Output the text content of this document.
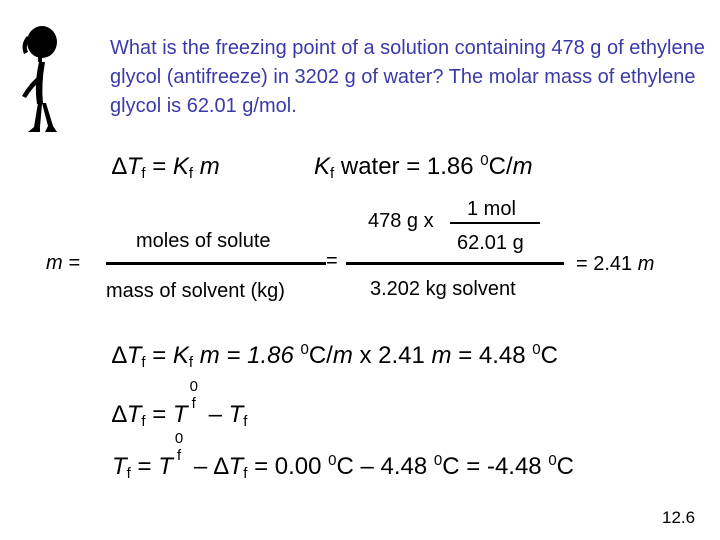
What is the freezing point of a solution containing 478 g of ethylene glycol (antifreeze) in 3202 g of water? The molar mass of ethylene glycol is 62.01 g/mol.
$\Delta T_f = K_f$ m	$K_f$ water = 1.86 $^0$C/m
m =
moles of solute
mass of solvent (kg)
=
478 g x
1 mol
62.01 g
3.202 kg solvent
= 2.41 m
$\Delta T_f = K_f$ m = 1.86 $^0$C/m x 2.41 m = 4.48 $^0$C
$\Delta T_f = T$
0
f – $T_f$
$T_f = T$
0
$f - \Delta T_f = 0.00$ $^0$C – 4.48 $^0$C = -4.48 $^0$C
12.6
